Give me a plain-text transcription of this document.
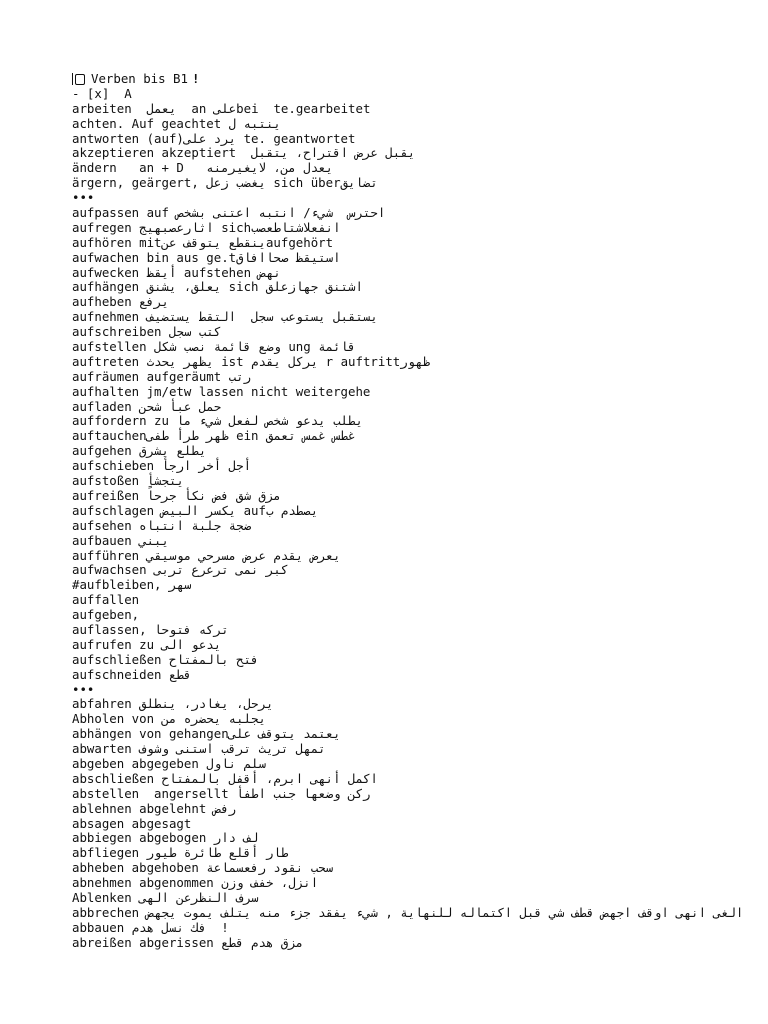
Verben bis B1 !
- [x]  A
arbeiten  يعمل  an علىbei  te.gearbeitet
achten. Auf geachtet ينتبه ل
antworten (auf)يرد على te. geantwortet
akzeptieren akzeptiert  يقبل عرض اقتراح، يتقبل
ändern   an + D   يعدل من، لايغيرمنه
ärgern, geärgert, يغضب زعل sich überتضايق
•••
aufpassen auf احترس  شيء/ انتبه اعتنى بشخص
aufregen اثارعصبهيج sichانفعلاشتاطعصب
aufhören mitينقطع يتوقف عنaufgehört
aufwachen bin aus ge.tاستيقظ صحاافاق
aufwecken أيقظ aufstehen نهض
aufhängen يعلق، يشنق sich اشتنق جهازعلق
aufheben يرفع
aufnehmen يستقبل يستوعب سجل  التقط يستضيف
aufschreiben كتب سجل
aufstellen وضع قائمة نصب شكل ung قائمة
auftreten يظهر يحدث ist يركل يقدم r auftrittظهور
aufräumen aufgeräumt رتب
aufhalten jm/etw lassen nicht weitergehe
aufladen حمل عبأ شحن
auffordern zu يطلب يدعو شخص لفعل شيء ما
auftauchenظهر طرأ طفى ein غطس غمس تعمق
aufgehen يطلع يشرق
aufschieben أجل أخر ارجأ
aufstoßen يتجشأ
aufreißen مزق شق فض نكأ جرحاً
aufschlagen يكسر البيض aufيصطدم ب
aufsehen ضجة جلبة انتباه
aufbauen يبني
aufführen يعرض يقدم عرض مسرحي موسيقي
aufwachsen كبر نمى ترعرع تربى
#aufbleiben, سهر
auffallen
aufgeben,
auflassen, تركه فتوحا
aufrufen zu يدعو الى
aufschließen فتح بالمفتاح
aufschneiden قطع
•••
abfahren يرحل، يغادر، ينطلق
Abholen von يجلبه يحضره من
abhängen von gehangenيعتمد يتوقف على
abwarten تمهل تريث ترقب استنى وشوف
abgeben abgegeben سلم ناول
abschließen اكمل أنهى ابرم، أقفل بالمفتاح
abstellen  angersellt ركن وضعها جنب اطفأ
ablehnen abgelehnt رفض
absagen abgesagt
abbiegen abgebogen لف دار
abfliegen طار أقلع طائرة طيور
abheben abgehoben سحب نقود رفعسماعة
abnehmen abgenommen انزل، خفف وزن
Ablenken سرف النظرعن الهى
abbrechen الغى انهى اوقف اجهض قطف شي قبل اكتماله للنهاية , شيء يفقد جزء منه يتلف يموت يجهض
abbauen فك نسل هدم  !
abreißen abgerissen مزق هدم قطع
